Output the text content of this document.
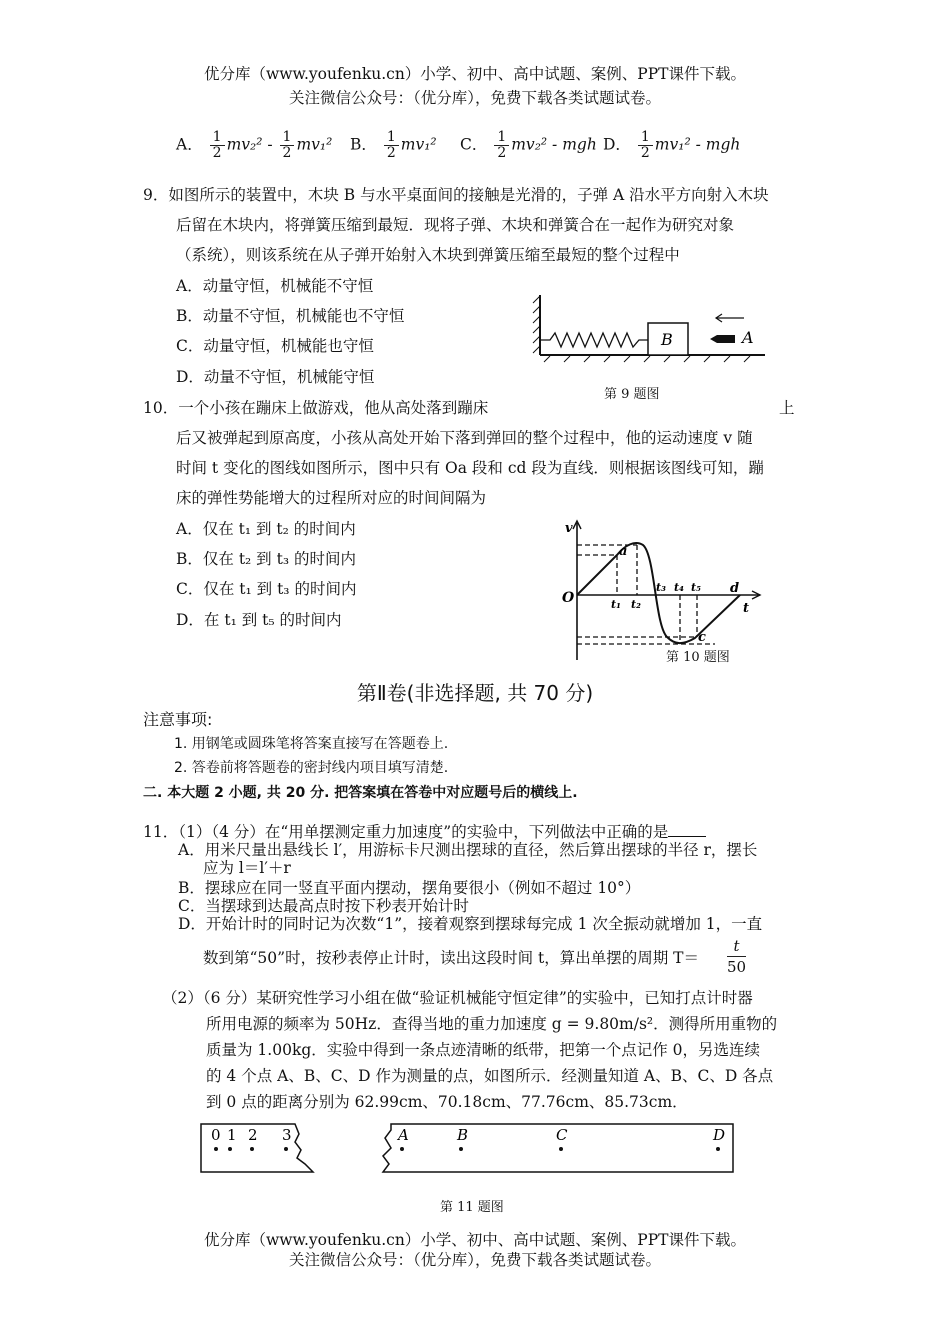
优分库（www.youfenku.cn）小学、初中、高中试题、案例、PPT课件下载。
关注微信公众号：（优分库），免费下载各类试题试卷。
A． $\frac{1}{2} mv_2^2 - \frac{1}{2} mv_1^2$ B． $\frac{1}{2} mv_1^2$ C． $\frac{1}{2} mv_2^2$ - mgh D． $\frac{1}{2} mv_1^2$ - mgh
9．如图所示的装置中，木块 B 与水平桌面间的接触是光滑的，子弹 A 沿水平方向射入木块
后留在木块内，将弹簧压缩到最短．现将子弹、木块和弹簧合在一起作为研究对象
（系统），则该系统在从子弹开始射入木块到弹簧压缩至最短的整个过程中
A．动量守恒，机械能不守恒
B．动量不守恒，机械能也不守恒
C．动量守恒，机械能也守恒
D．动量不守恒，机械能守恒
B	A
第 9 题图
10．一个小孩在蹦床上做游戏，他从高处落到蹦床	上
后又被弹起到原高度，小孩从高处开始下落到弹回的整个过程中，他的运动速度 v 随
时间 t 变化的图线如图所示，图中只有 Oa 段和 cd 段为直线．则根据该图线可知，蹦
床的弹性势能增大的过程所对应的时间间隔为
A．仅在 t₁ 到 t₂ 的时间内
B．仅在 t₂ 到 t₃ 的时间内
C．仅在 t₁ 到 t₃ 的时间内
D．在 t₁ 到 t₅ 的时间内
v
t
O
a
c
d
t₁ t₂
t₃ t₄ t₅
第 10 题图
第Ⅱ卷(非选择题, 共 70 分)
注意事项:
1. 用钢笔或圆珠笔将答案直接写在答题卷上.
2. 答卷前将答题卷的密封线内项目填写清楚.
二. 本大题 2 小题, 共 20 分. 把答案填在答卷中对应题号后的横线上.
11．（1）（4 分）在“用单摆测定重力加速度”的实验中，下列做法中正确的是
A．用米尺量出悬线长 l′，用游标卡尺测出摆球的直径，然后算出摆球的半径 r，摆长
应为 l＝l′＋r
B．摆球应在同一竖直平面内摆动，摆角要很小（例如不超过 10°）
C．当摆球到达最高点时按下秒表开始计时
D．开始计时的同时记为次数“1”，接着观察到摆球每完成 1 次全振动就增加 1，一直
数到第“50”时，按秒表停止计时，读出这段时间 t，算出单摆的周期 T＝
t
50
（2）（6 分）某研究性学习小组在做“验证机械能守恒定律”的实验中，已知打点计时器
所用电源的频率为 50Hz．查得当地的重力加速度 g = 9.80m/s²．测得所用重物的
质量为 1.00kg．实验中得到一条点迹清晰的纸带，把第一个点记作 0，另选连续
的 4 个点 A、B、C、D 作为测量的点，如图所示．经测量知道 A、B、C、D 各点
到 0 点的距离分别为 62.99cm、70.18cm、77.76cm、85.73cm．
0 1 2 3	A	B	C	D
第 11 题图
优分库（www.youfenku.cn）小学、初中、高中试题、案例、PPT课件下载。
关注微信公众号：（优分库），免费下载各类试题试卷。
